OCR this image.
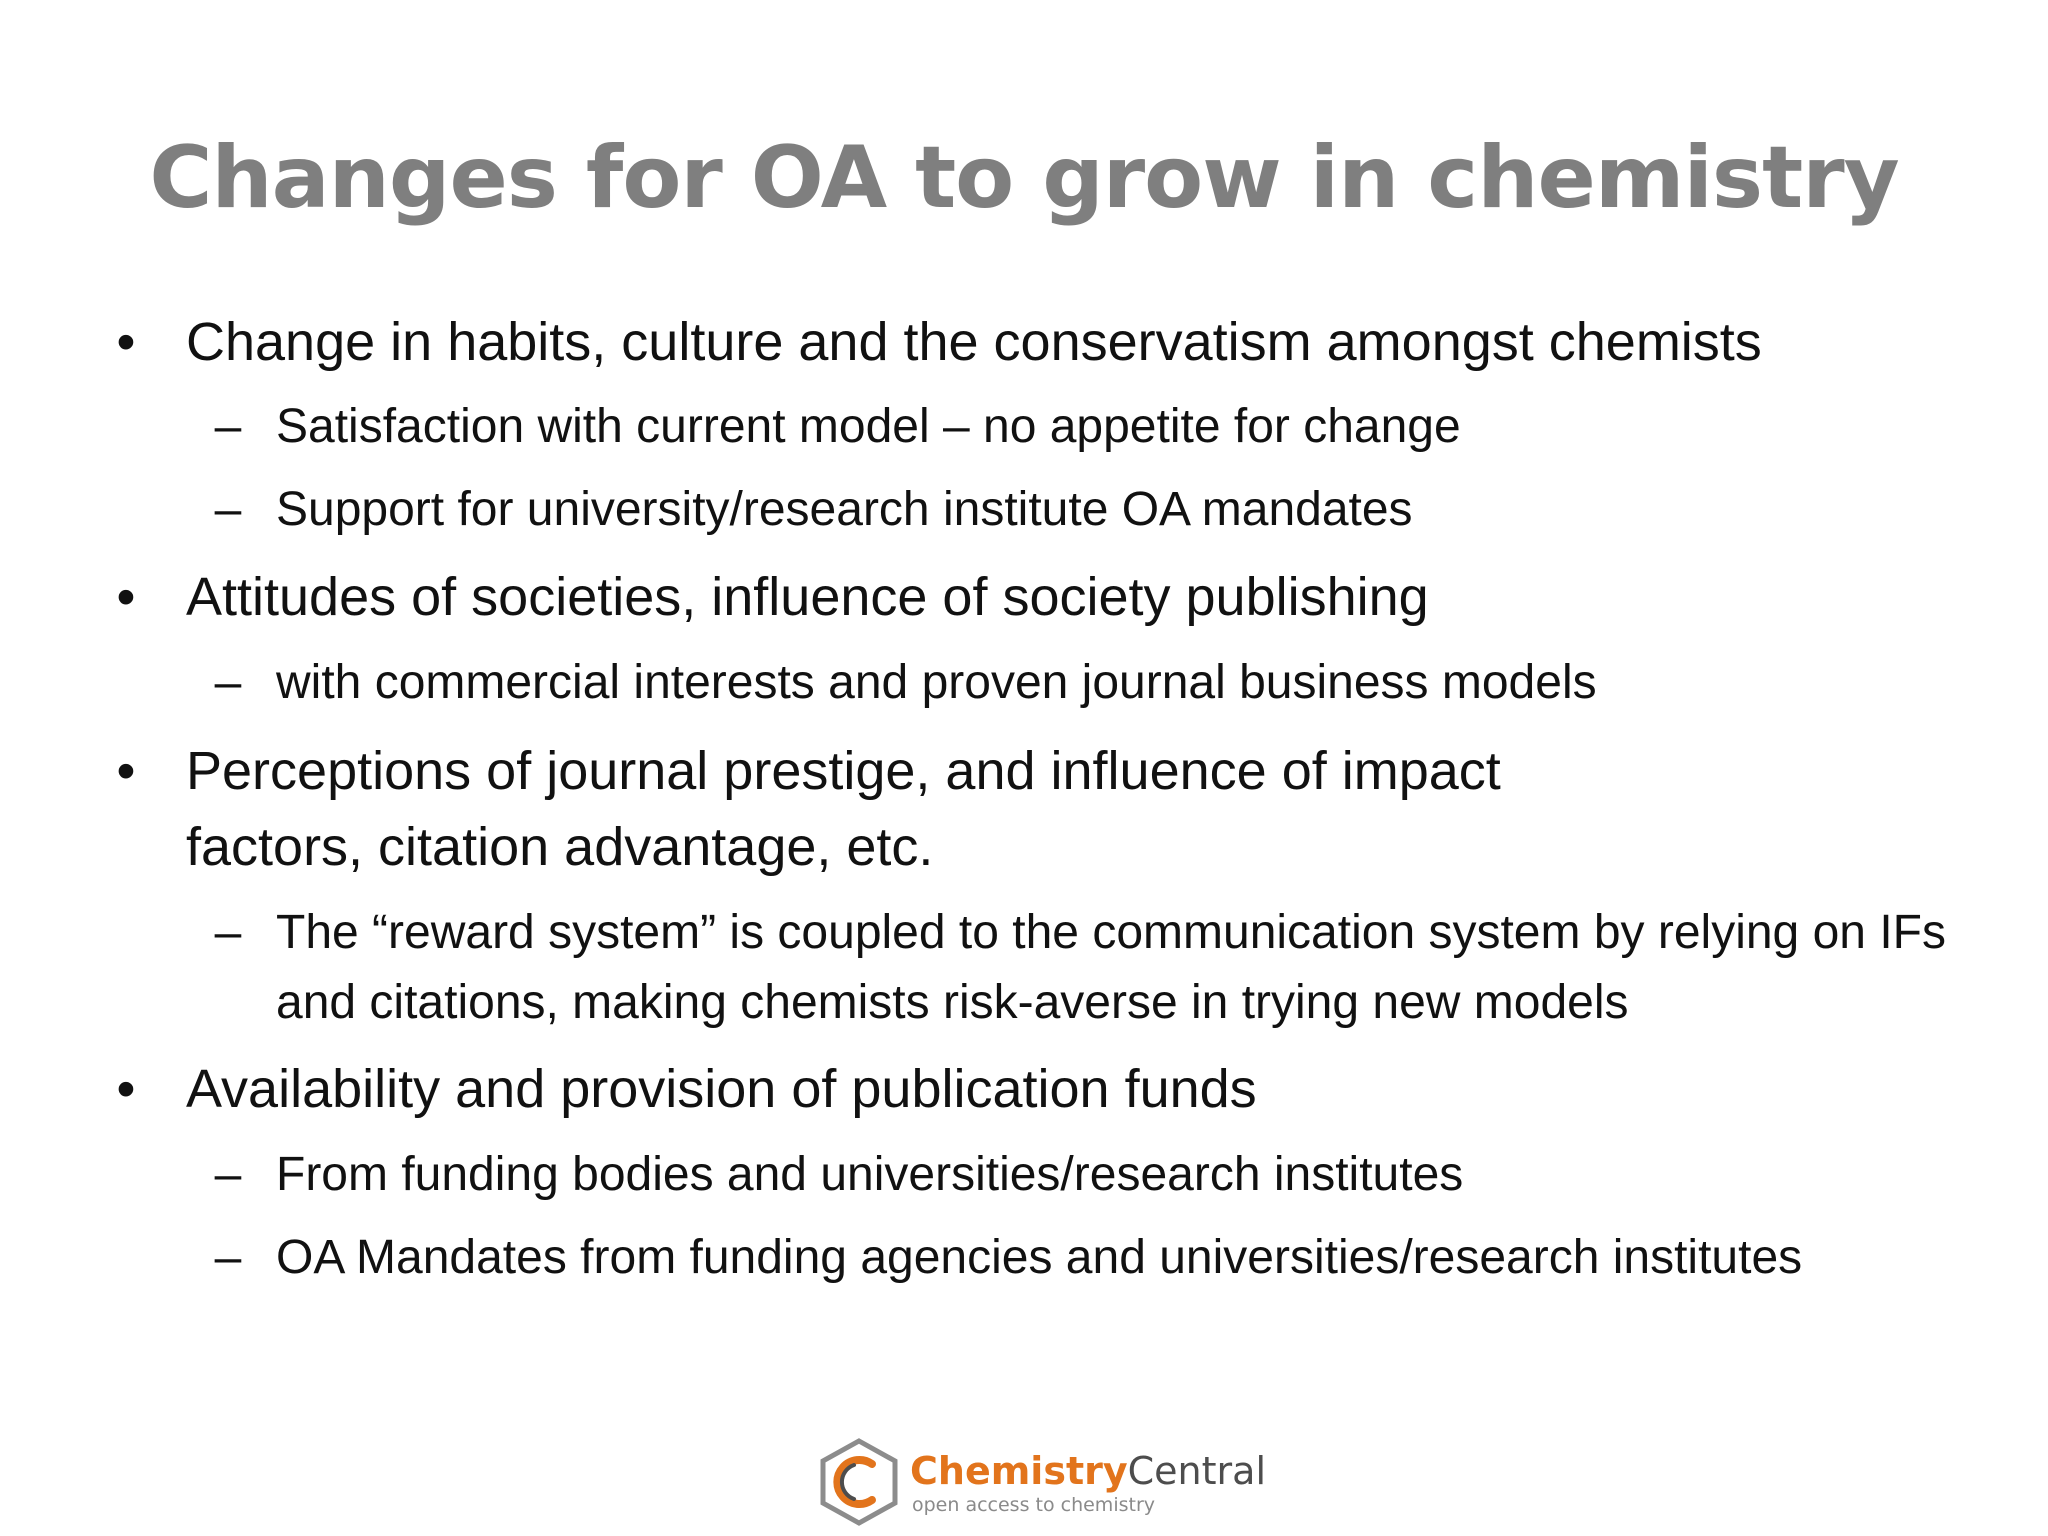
Changes for OA to grow in chemistry
• Change in habits, culture and the conservatism amongst chemists
– Satisfaction with current model – no appetite for change
– Support for university/research institute OA mandates
• Attitudes of societies, influence of society publishing
– with commercial interests and proven journal business models
• Perceptions of journal prestige, and influence of impact factors, citation advantage, etc.
– The “reward system” is coupled to the communication system by relying on IFs and citations, making chemists risk-averse in trying new models
• Availability and provision of publication funds
– From funding bodies and universities/research institutes
– OA Mandates from funding agencies and universities/research institutes
ChemistryCentral
open access to chemistry
